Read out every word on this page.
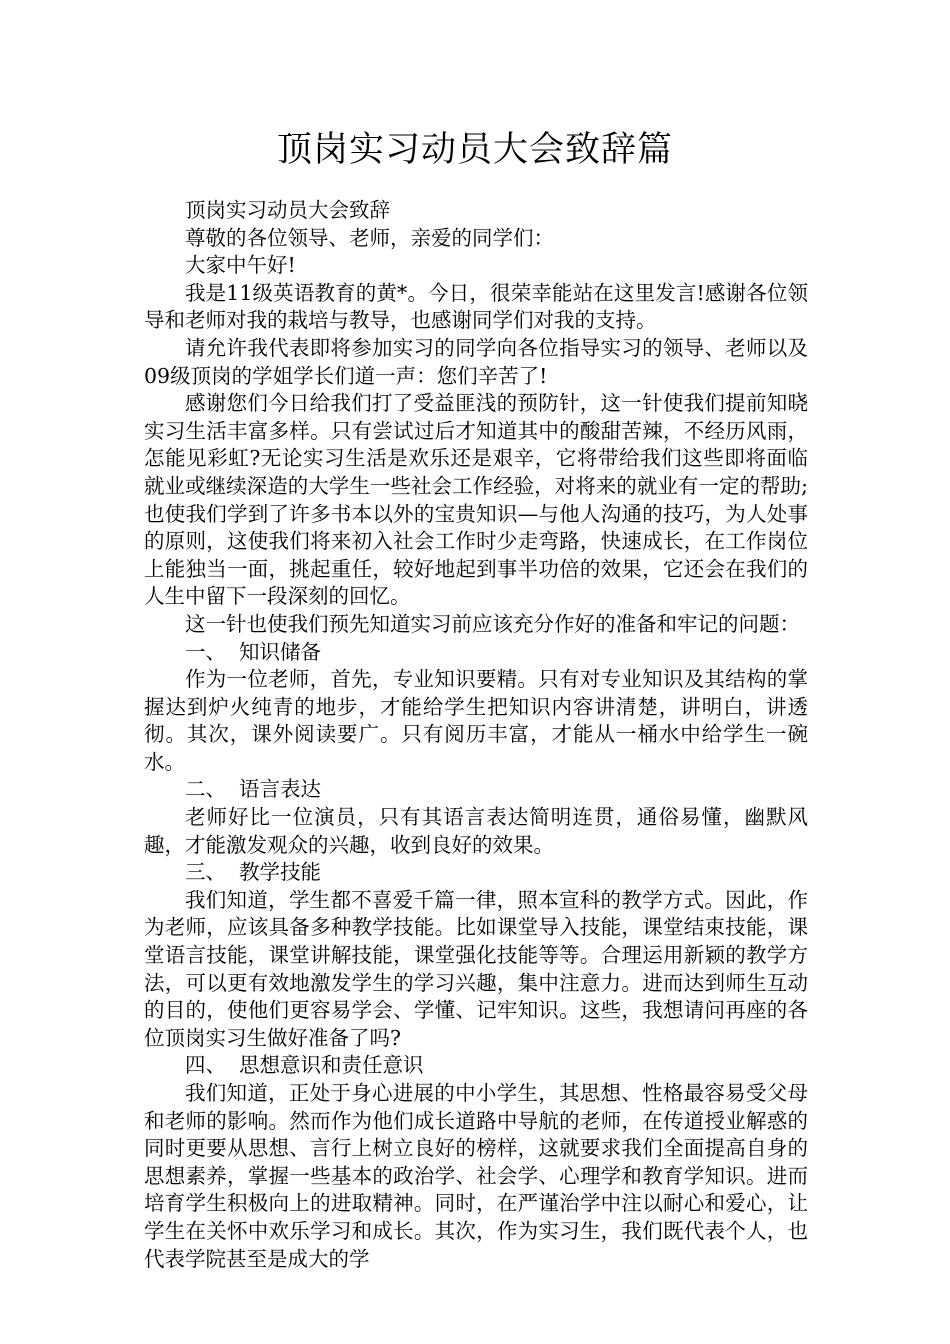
顶岗实习动员大会致辞篇

顶岗实习动员大会致辞

尊敬的各位领导、老师，亲爱的同学们：

大家中午好!

我是11级英语教育的黄*。今日，很荣幸能站在这里发言!感谢各位领导和老师对我的栽培与教导，也感谢同学们对我的支持。

请允许我代表即将参加实习的同学向各位指导实习的领导、老师以及09级顶岗的学姐学长们道一声：您们辛苦了!

感谢您们今日给我们打了受益匪浅的预防针，这一针使我们提前知晓实习生活丰富多样。只有尝试过后才知道其中的酸甜苦辣，不经历风雨，怎能见彩虹?无论实习生活是欢乐还是艰辛，它将带给我们这些即将面临就业或继续深造的大学生一些社会工作经验，对将来的就业有一定的帮助;也使我们学到了许多书本以外的宝贵知识—与他人沟通的技巧，为人处事的原则，这使我们将来初入社会工作时少走弯路，快速成长，在工作岗位上能独当一面，挑起重任，较好地起到事半功倍的效果，它还会在我们的人生中留下一段深刻的回忆。

这一针也使我们预先知道实习前应该充分作好的准备和牢记的问题：

一、  知识储备

作为一位老师，首先，专业知识要精。只有对专业知识及其结构的掌握达到炉火纯青的地步，才能给学生把知识内容讲清楚，讲明白，讲透彻。其次，课外阅读要广。只有阅历丰富，才能从一桶水中给学生一碗水。

二、  语言表达

老师好比一位演员，只有其语言表达简明连贯，通俗易懂，幽默风趣，才能激发观众的兴趣，收到良好的效果。

三、  教学技能

我们知道，学生都不喜爱千篇一律，照本宣科的教学方式。因此，作为老师，应该具备多种教学技能。比如课堂导入技能，课堂结束技能，课堂语言技能，课堂讲解技能，课堂强化技能等等。合理运用新颖的教学方法，可以更有效地激发学生的学习兴趣，集中注意力。进而达到师生互动的目的，使他们更容易学会、学懂、记牢知识。这些，我想请问再座的各位顶岗实习生做好准备了吗?

四、  思想意识和责任意识

我们知道，正处于身心进展的中小学生，其思想、性格最容易受父母和老师的影响。然而作为他们成长道路中导航的老师，在传道授业解惑的同时更要从思想、言行上树立良好的榜样，这就要求我们全面提高自身的思想素养，掌握一些基本的政治学、社会学、心理学和教育学知识。进而培育学生积极向上的进取精神。同时，在严谨治学中注以耐心和爱心，让学生在关怀中欢乐学习和成长。其次，作为实习生，我们既代表个人，也代表学院甚至是成大的学
